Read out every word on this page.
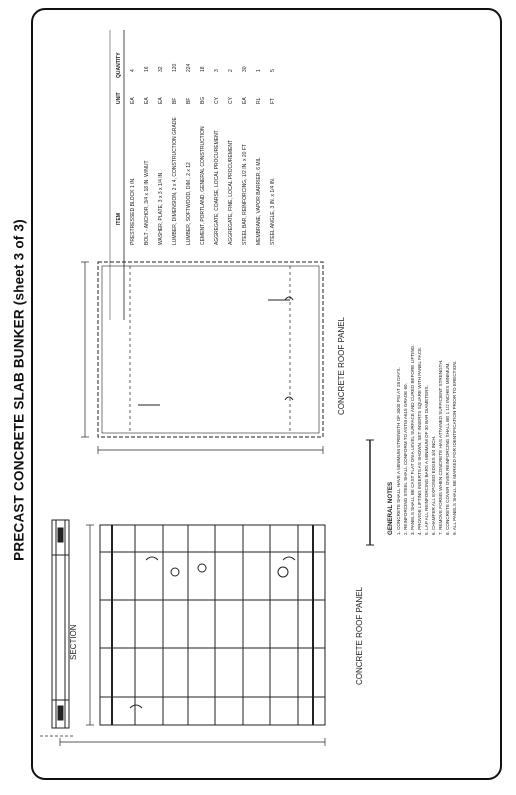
PRECAST CONCRETE SLAB BUNKER (sheet 3 of 3)
SECTION	CONCRETE ROOF PANEL
CONCRETE ROOF PANEL
GENERAL NOTES 1. CONCRETE SHALL HAVE A MINIMUM STRENGTH OF 3000 PSI AT 28 DAYS. 2. REINFORCING STEEL SHALL CONFORM TO ASTM A615 GRADE 60. 3. PANELS SHALL BE CAST FLAT ON A LEVEL SURFACE AND CURED BEFORE LIFTING. 4. PROVIDE LIFTING INSERTS AS SHOWN. SET INSERTS SQUARE WITH PANEL FACE. 5. LAP ALL REINFORCING BARS A MINIMUM OF 30 BAR DIAMETERS. 6. CHAMFER ALL EXPOSED EDGES 3/4 INCH. 7. REMOVE FORMS WHEN CONCRETE HAS ATTAINED SUFFICIENT STRENGTH. 8. CONCRETE COVER OVER REINFORCING SHALL BE 1 1/2 INCHES MINIMUM. 9. ALL PANELS SHALL BE MARKED FOR IDENTIFICATION PRIOR TO ERECTION.
ITEM
UNIT
QUANTITY
PRESTRESSED BLOCK 1 IN. BOLT - ANCHOR, 3/4 x 18 IN. W/NUT WASHER, PLATE, 3 x 3 x 1/4 IN. LUMBER, DIMENSION, 2 x 4, CONSTRUCTION GRADE LUMBER, SOFTWOOD, DIM., 2 x 12 CEMENT, PORTLAND, GENERAL CONSTRUCTION AGGREGATE, COARSE, LOCAL PROCUREMENT AGGREGATE, FINE, LOCAL PROCUREMENT STEEL BAR, REINFORCING, 1/2 IN. x 20 FT MEMBRANE, VAPOR BARRIER, 6 MIL STEEL ANGLE, 3 IN. x 1/4 IN.
EA EA EA BF BF BG CY CY EA RL FT
4 16 32 120 224 18 3 2 30 1 5
